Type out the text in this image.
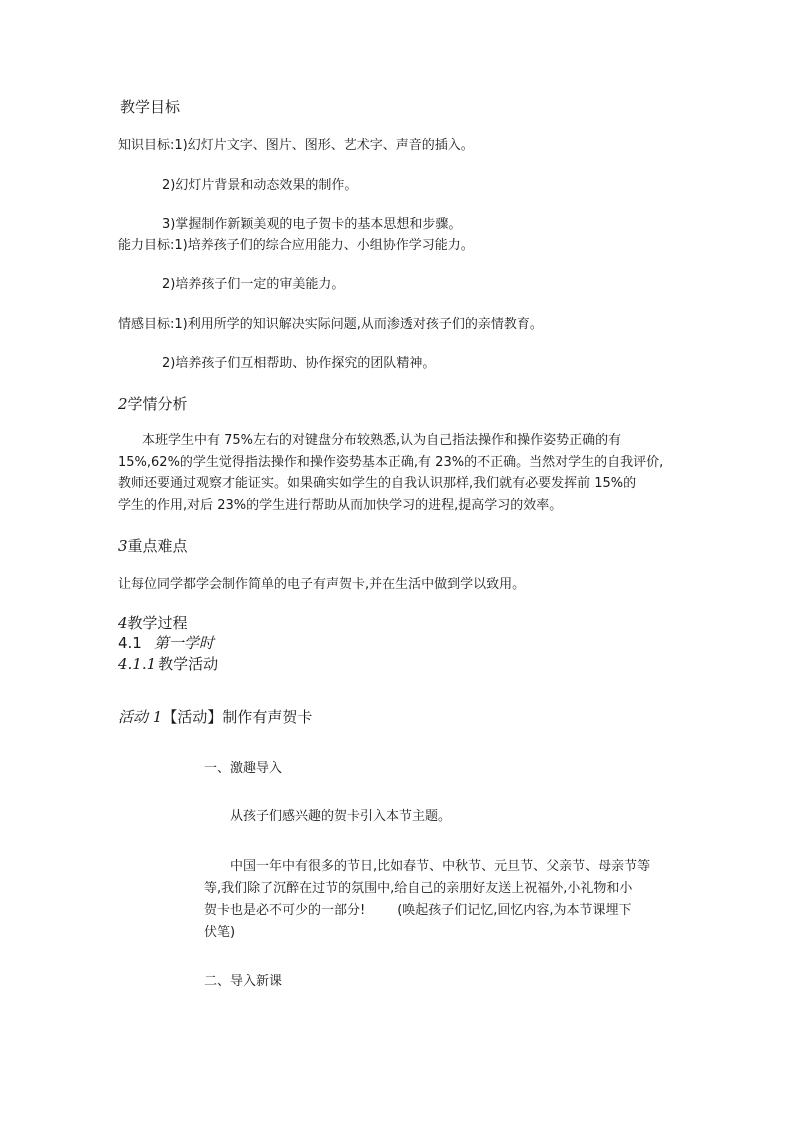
教学目标
知识目标:1)幻灯片文字、图片、图形、艺术字、声音的插入。
2)幻灯片背景和动态效果的制作。
3)掌握制作新颖美观的电子贺卡的基本思想和步骤。
能力目标:1)培养孩子们的综合应用能力、小组协作学习能力。
2)培养孩子们一定的审美能力。
情感目标:1)利用所学的知识解决实际问题,从而渗透对孩子们的亲情教育。
2)培养孩子们互相帮助、协作探究的团队精神。
2学情分析
本班学生中有 75%左右的对键盘分布较熟悉,认为自己指法操作和操作姿势正确的有
15%,62%的学生觉得指法操作和操作姿势基本正确,有 23%的不正确。当然对学生的自我评价,
教师还要通过观察才能证实。如果确实如学生的自我认识那样,我们就有必要发挥前 15%的
学生的作用,对后 23%的学生进行帮助从而加快学习的进程,提高学习的效率。
3重点难点
让每位同学都学会制作简单的电子有声贺卡,并在生活中做到学以致用。
4教学过程
4.1 第一学时
4.1.1 教学活动
活动 1【活动】制作有声贺卡
一、激趣导入
从孩子们感兴趣的贺卡引入本节主题。
中国一年中有很多的节日,比如春节、中秋节、元旦节、父亲节、母亲节等
等,我们除了沉醉在过节的氛围中,给自己的亲朋好友送上祝福外,小礼物和小
贺卡也是必不可少的一部分! (唤起孩子们记忆,回忆内容,为本节课埋下
伏笔)
二、导入新课
